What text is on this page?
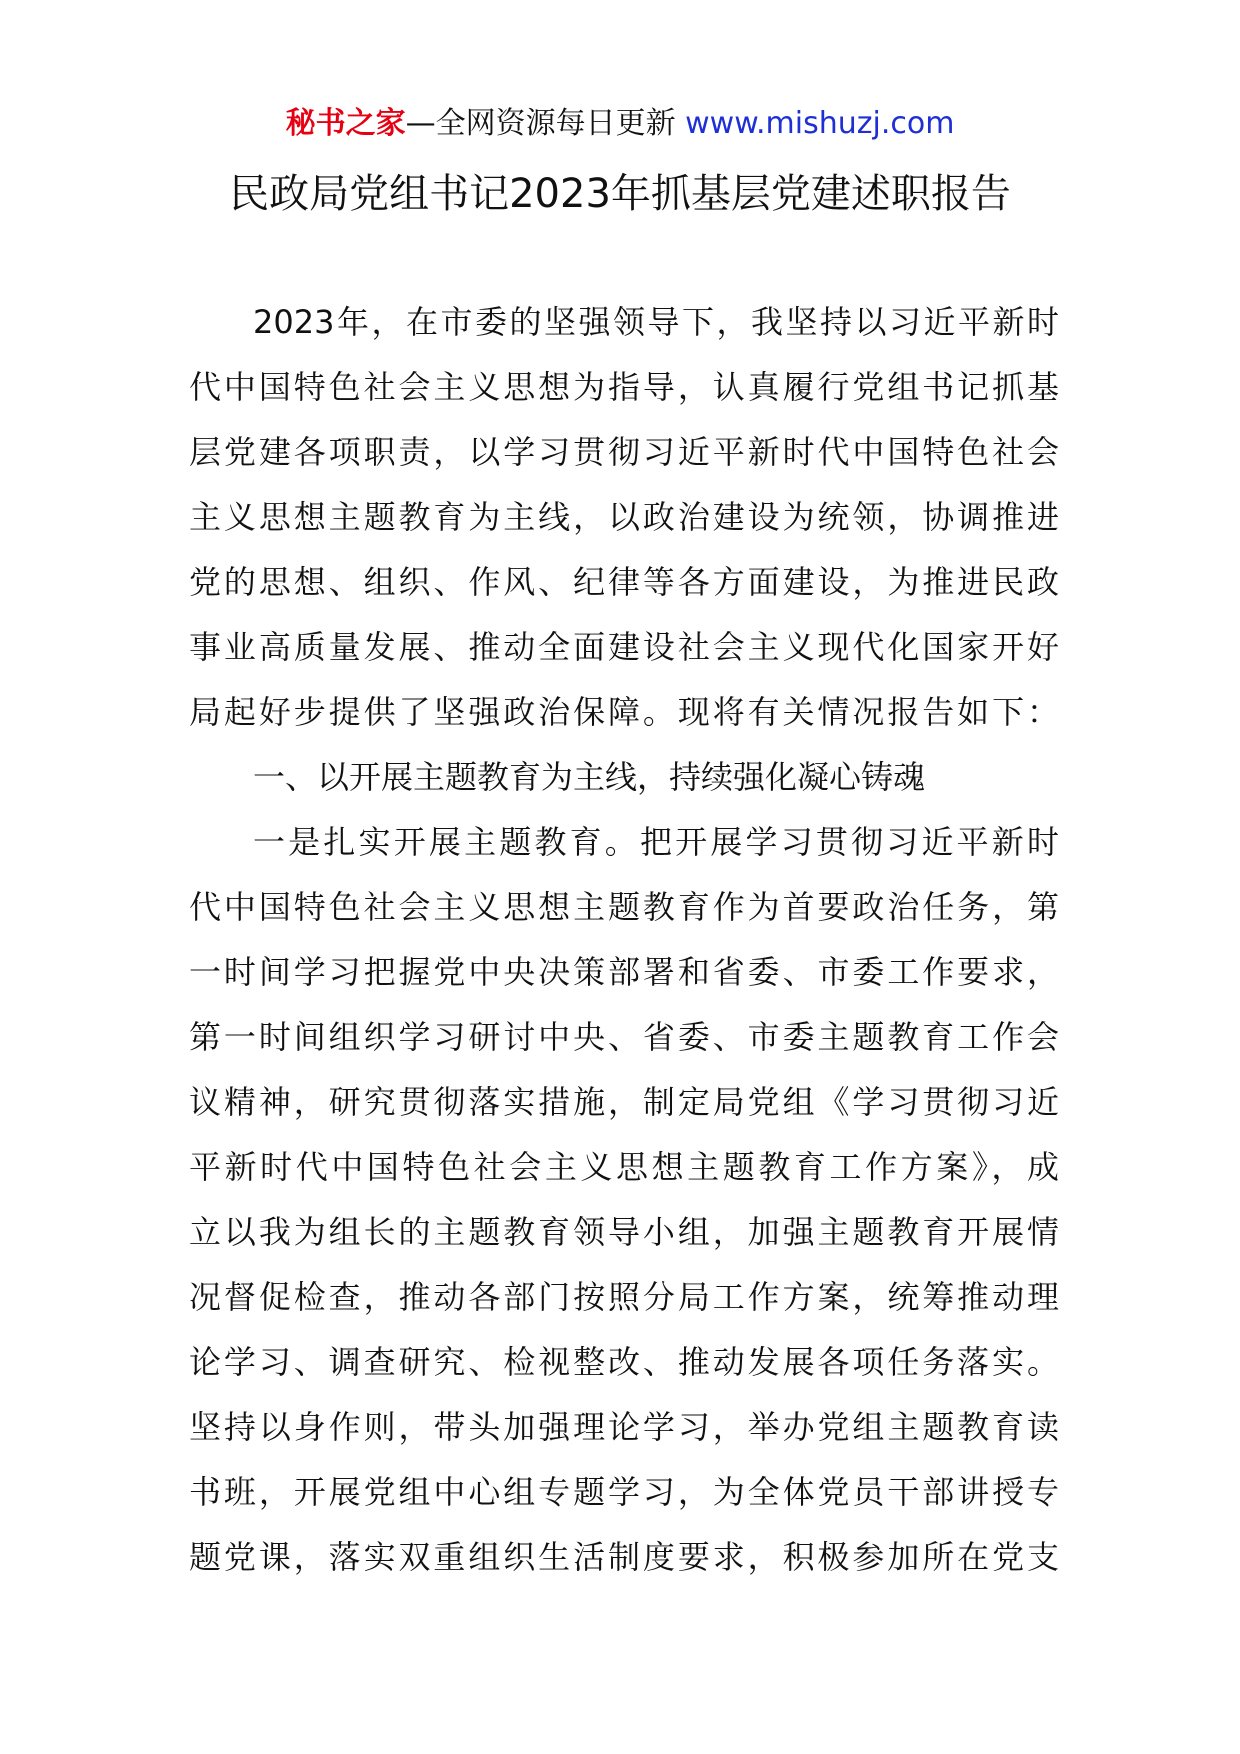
秘书之家—全网资源每日更新 www.mishuzj.com
民政局党组书记2023年抓基层党建述职报告
2023年，在市委的坚强领导下，我坚持以习近平新时
代中国特色社会主义思想为指导，认真履行党组书记抓基
层党建各项职责，以学习贯彻习近平新时代中国特色社会
主义思想主题教育为主线，以政治建设为统领，协调推进
党的思想、组织、作风、纪律等各方面建设，为推进民政
事业高质量发展、推动全面建设社会主义现代化国家开好
局起好步提供了坚强政治保障。现将有关情况报告如下：
一、以开展主题教育为主线，持续强化凝心铸魂
一是扎实开展主题教育。把开展学习贯彻习近平新时
代中国特色社会主义思想主题教育作为首要政治任务，第
一时间学习把握党中央决策部署和省委、市委工作要求，
第一时间组织学习研讨中央、省委、市委主题教育工作会
议精神，研究贯彻落实措施，制定局党组《学习贯彻习近
平新时代中国特色社会主义思想主题教育工作方案》，成
立以我为组长的主题教育领导小组，加强主题教育开展情
况督促检查，推动各部门按照分局工作方案，统筹推动理
论学习、调查研究、检视整改、推动发展各项任务落实。
坚持以身作则，带头加强理论学习，举办党组主题教育读
书班，开展党组中心组专题学习，为全体党员干部讲授专
题党课，落实双重组织生活制度要求，积极参加所在党支
